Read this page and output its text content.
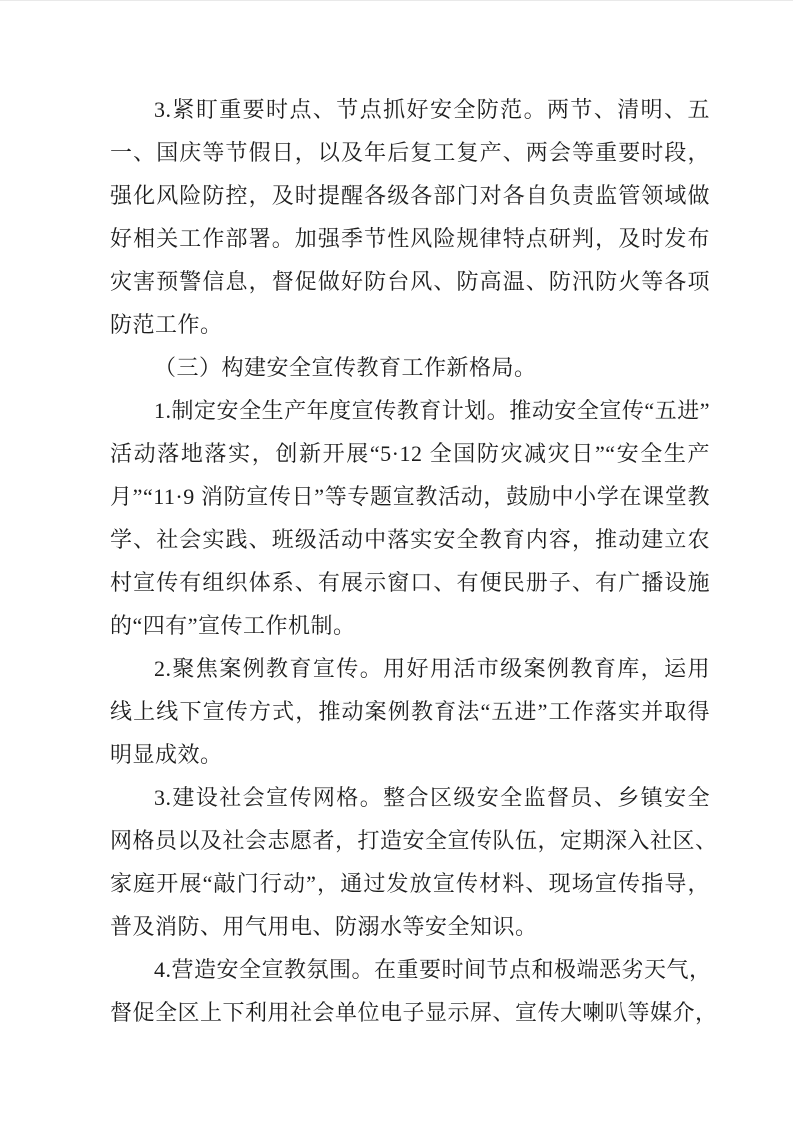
3.紧盯重要时点、节点抓好安全防范。两节、清明、五
一、国庆等节假日，以及年后复工复产、两会等重要时段，
强化风险防控，及时提醒各级各部门对各自负责监管领域做
好相关工作部署。加强季节性风险规律特点研判，及时发布
灾害预警信息，督促做好防台风、防高温、防汛防火等各项
防范工作。
（三）构建安全宣传教育工作新格局。
1.制定安全生产年度宣传教育计划。推动安全宣传“五进”
活动落地落实，创新开展“5·12 全国防灾减灾日”“安全生产
月”“11·9 消防宣传日”等专题宣教活动，鼓励中小学在课堂教
学、社会实践、班级活动中落实安全教育内容，推动建立农
村宣传有组织体系、有展示窗口、有便民册子、有广播设施
的“四有”宣传工作机制。
2.聚焦案例教育宣传。用好用活市级案例教育库，运用
线上线下宣传方式，推动案例教育法“五进”工作落实并取得
明显成效。
3.建设社会宣传网格。整合区级安全监督员、乡镇安全
网格员以及社会志愿者，打造安全宣传队伍，定期深入社区、
家庭开展“敲门行动”，通过发放宣传材料、现场宣传指导，
普及消防、用气用电、防溺水等安全知识。
4.营造安全宣教氛围。在重要时间节点和极端恶劣天气，
督促全区上下利用社会单位电子显示屏、宣传大喇叭等媒介，
